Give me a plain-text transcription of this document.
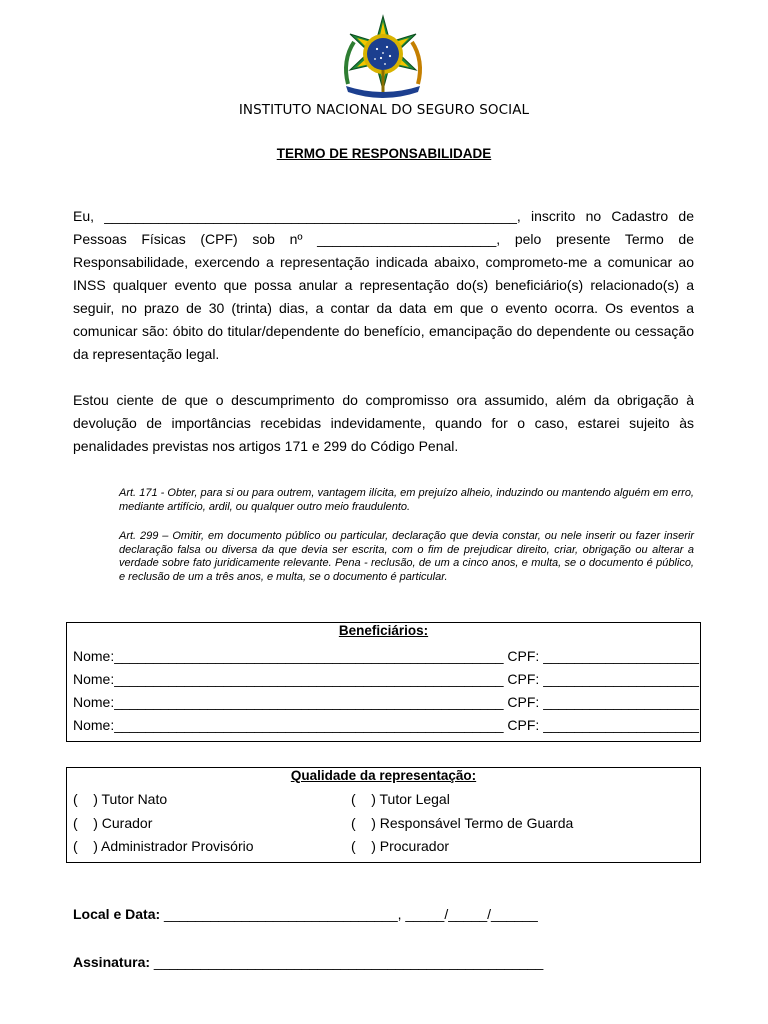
INSTITUTO NACIONAL DO SEGURO SOCIAL
TERMO DE RESPONSABILIDADE

Eu, _____________________________________________________, inscrito no Cadastro de Pessoas Físicas (CPF) sob nº _______________________, pelo presente Termo de Responsabilidade, exercendo a representação indicada abaixo, comprometo-me a comunicar ao INSS qualquer evento que possa anular a representação do(s) beneficiário(s) relacionado(s) a seguir, no prazo de 30 (trinta) dias, a contar da data em que o evento ocorra. Os eventos a comunicar são: óbito do titular/dependente do benefício, emancipação do dependente ou cessação da representação legal.

Estou ciente de que o descumprimento do compromisso ora assumido, além da obrigação à devolução de importâncias recebidas indevidamente, quando for o caso, estarei sujeito às penalidades previstas nos artigos 171 e 299 do Código Penal.

Art. 171 - Obter, para si ou para outrem, vantagem ilícita, em prejuízo alheio, induzindo ou mantendo alguém em erro, mediante artifício, ardil, ou qualquer outro meio fraudulento.

Art. 299 – Omitir, em documento público ou particular, declaração que devia constar, ou nele inserir ou fazer inserir declaração falsa ou diversa da que devia ser escrita, com o fim de prejudicar direito, criar, obrigação ou alterar a verdade sobre fato juridicamente relevante. Pena - reclusão, de um a cinco anos, e multa, se o documento é público, e reclusão de um a três anos, e multa, se o documento é particular.

Beneficiários:
Nome:__________________________________________________ CPF: ____________________
Nome:__________________________________________________ CPF: ____________________
Nome:__________________________________________________ CPF: ____________________
Nome:__________________________________________________ CPF: ____________________
Qualidade da representação:
(    ) Tutor Nato	(    ) Tutor Legal
(    ) Curador	(    ) Responsável Termo de Guarda
(    ) Administrador Provisório	(    ) Procurador
Local e Data: ______________________________, _____/_____/______
Assinatura: __________________________________________________
